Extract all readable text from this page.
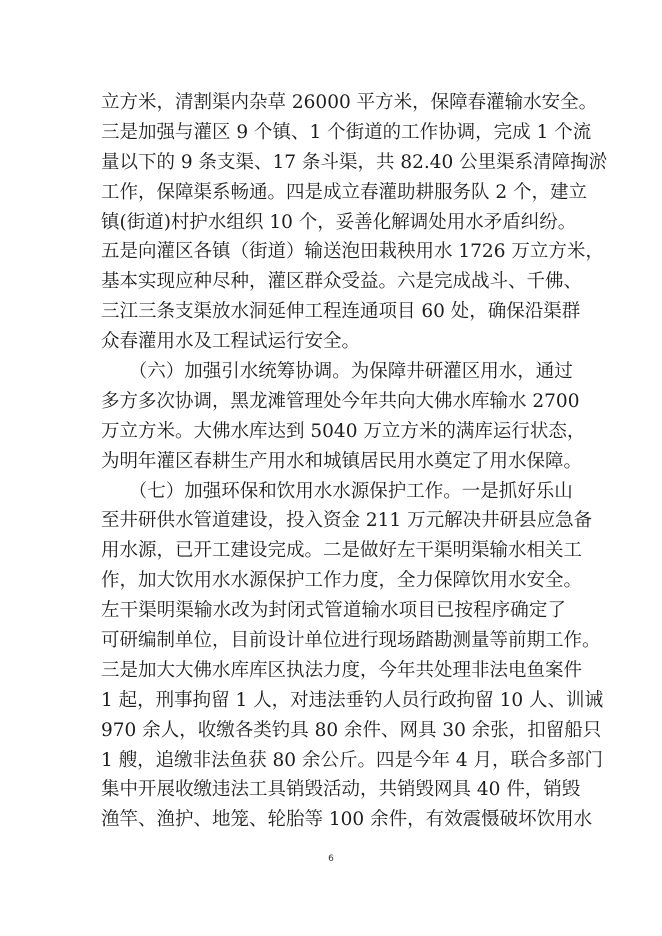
立方米，清割渠内杂草 26000 平方米，保障春灌输水安全。
三是加强与灌区 9 个镇、1 个街道的工作协调，完成 1 个流
量以下的 9 条支渠、17 条斗渠，共 82.40 公里渠系清障掏淤
工作，保障渠系畅通。四是成立春灌助耕服务队 2 个，建立
镇(街道)村护水组织 10 个，妥善化解调处用水矛盾纠纷。
五是向灌区各镇（街道）输送泡田栽秧用水 1726 万立方米，
基本实现应种尽种，灌区群众受益。六是完成战斗、千佛、
三江三条支渠放水洞延伸工程连通项目 60 处，确保沿渠群
众春灌用水及工程试运行安全。
　　（六）加强引水统筹协调。为保障井研灌区用水，通过
多方多次协调，黑龙滩管理处今年共向大佛水库输水 2700
万立方米。大佛水库达到 5040 万立方米的满库运行状态，
为明年灌区春耕生产用水和城镇居民用水奠定了用水保障。
　　（七）加强环保和饮用水水源保护工作。一是抓好乐山
至井研供水管道建设，投入资金 211 万元解决井研县应急备
用水源，已开工建设完成。二是做好左干渠明渠输水相关工
作，加大饮用水水源保护工作力度，全力保障饮用水安全。
左干渠明渠输水改为封闭式管道输水项目已按程序确定了
可研编制单位，目前设计单位进行现场踏勘测量等前期工作。
三是加大大佛水库库区执法力度，今年共处理非法电鱼案件
1 起，刑事拘留 1 人，对违法垂钓人员行政拘留 10 人、训诫
970 余人，收缴各类钓具 80 余件、网具 30 余张，扣留船只
1 艘，追缴非法鱼获 80 余公斤。四是今年 4 月，联合多部门
集中开展收缴违法工具销毁活动，共销毁网具 40 件，销毁
渔竿、渔护、地笼、轮胎等 100 余件，有效震慑破坏饮用水
6
